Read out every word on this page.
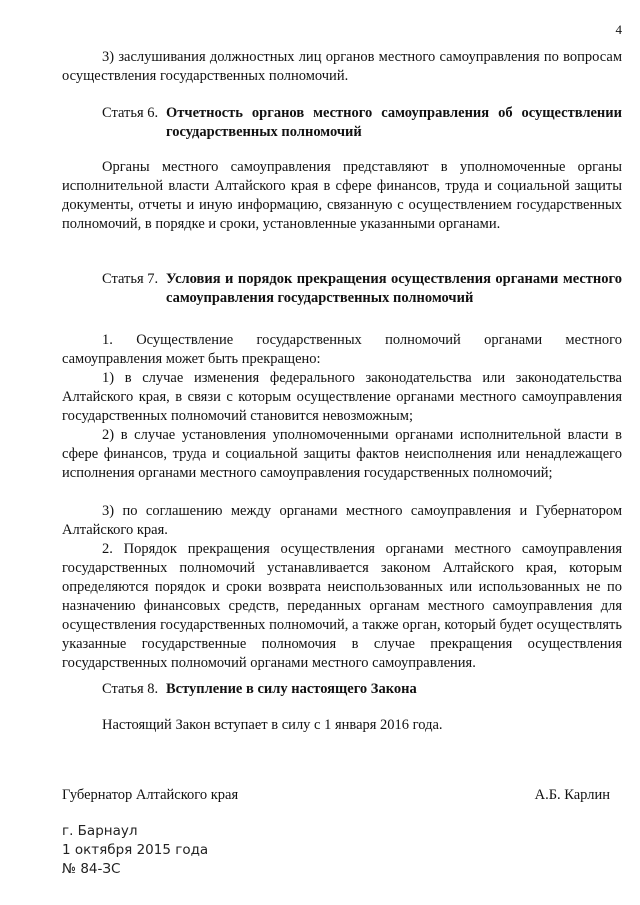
4
3) заслушивания должностных лиц органов местного самоуправления по вопросам осуществления государственных полномочий.
Статья 6. Отчетность органов местного самоуправления об осуществлении государственных полномочий
Органы местного самоуправления представляют в уполномоченные органы исполнительной власти Алтайского края в сфере финансов, труда и социальной защиты документы, отчеты и иную информацию, связанную с осуществлением государственных полномочий, в порядке и сроки, установленные указанными органами.
Статья 7. Условия и порядок прекращения осуществления органами местного самоуправления государственных полномочий
1. Осуществление государственных полномочий органами местного самоуправления может быть прекращено:
1) в случае изменения федерального законодательства или законодательства Алтайского края, в связи с которым осуществление органами местного самоуправления государственных полномочий становится невозможным;
2) в случае установления уполномоченными органами исполнительной власти в сфере финансов, труда и социальной защиты фактов неисполнения или ненадлежащего исполнения органами местного самоуправления государственных полномочий;
3) по соглашению между органами местного самоуправления и Губернатором Алтайского края.
2. Порядок прекращения осуществления органами местного самоуправления государственных полномочий устанавливается законом Алтайского края, которым определяются порядок и сроки возврата неиспользованных или использованных не по назначению финансовых средств, переданных органам местного самоуправления для осуществления государственных полномочий, а также орган, который будет осуществлять указанные государственные полномочия в случае прекращения осуществления государственных полномочий органами местного самоуправления.
Статья 8. Вступление в силу настоящего Закона
Настоящий Закон вступает в силу с 1 января 2016 года.
Губернатор Алтайского края	А.Б. Карлин
г. Барнаул
1 октября 2015 года
№ 84-ЗС
